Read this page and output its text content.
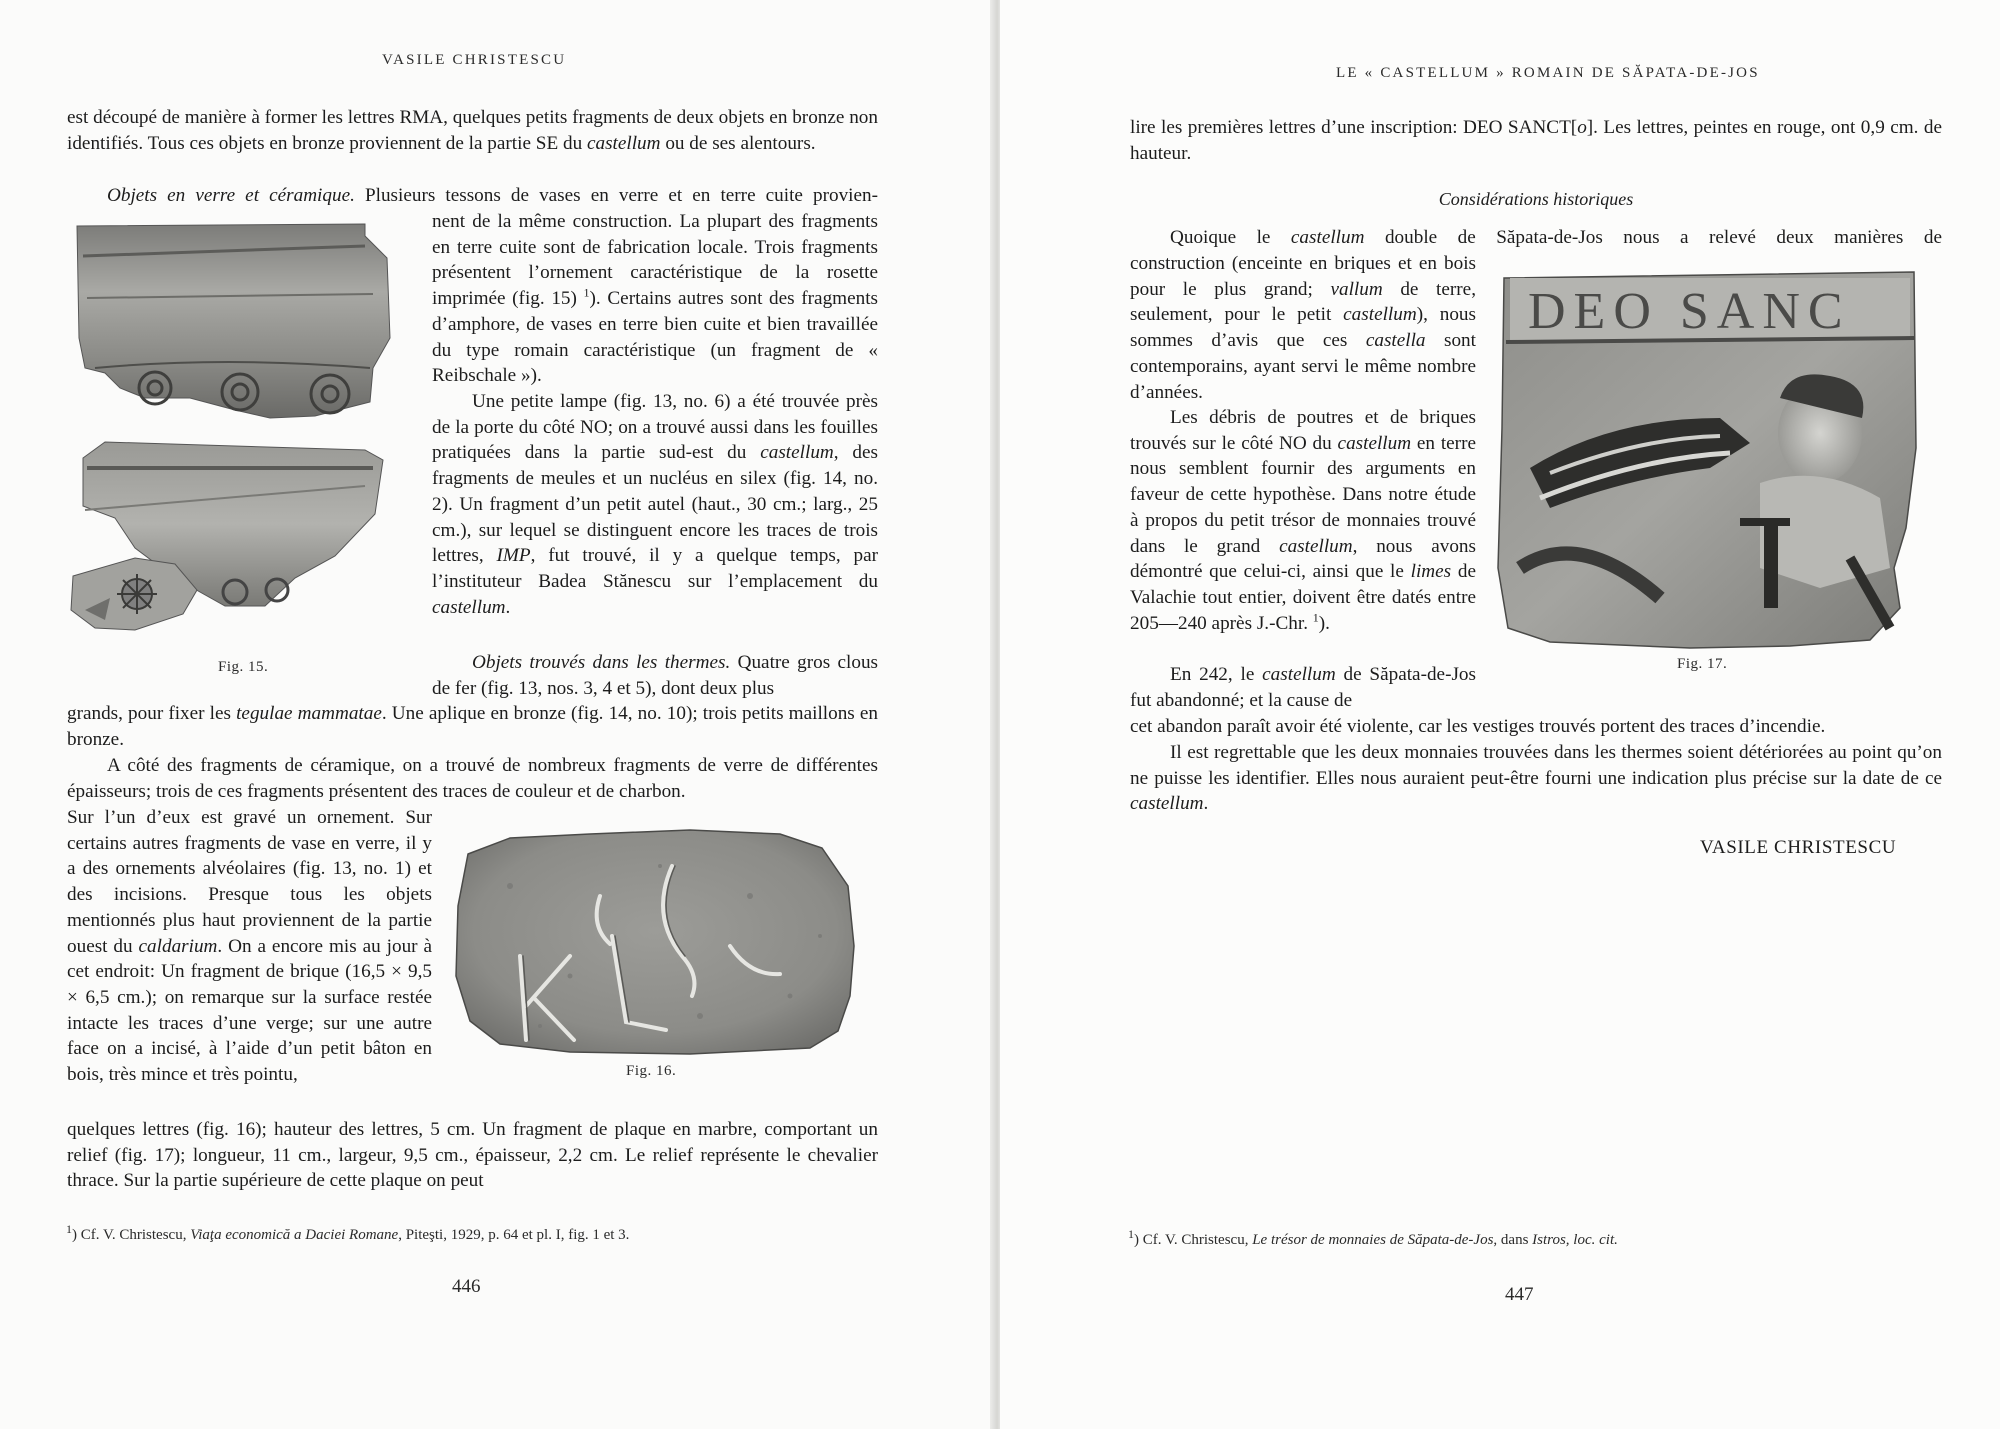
VASILE CHRISTESCU

est découpé de manière à former les lettres RMA, quelques petits fragments de deux objets en bronze non identifiés. Tous ces objets en bronze proviennent de la partie SE du castellum ou de ses alentours.

Objets en verre et céramique. Plusieurs tessons de vases en verre et en terre cuite provien-

nent de la même construction. La plupart des fragments en terre cuite sont de fabrication locale. Trois fragments présentent l’ornement caractéristique de la rosette imprimée (fig. 15) $^1$). Certains autres sont des fragments d’amphore, de vases en terre bien cuite et bien travaillée du type romain caractéristique (un fragment de « Reibschale »).

Une petite lampe (fig. 13, no. 6) a été trouvée près de la porte du côté NO; on a trouvé aussi dans les fouilles pratiquées dans la partie sud-est du castellum, des fragments de meules et un nucléus en silex (fig. 14, no. 2). Un fragment d’un petit autel (haut., 30 cm.; larg., 25 cm.), sur lequel se distinguent encore les traces de trois lettres, IMP, fut trouvé, il y a quelque temps, par l’instituteur Badea Stănescu sur l’emplacement du castellum.

Objets trouvés dans les thermes. Quatre gros clous de fer (fig. 13, nos. 3, 4 et 5), dont deux plus

grands, pour fixer les tegulae mammatae. Une aplique en bronze (fig. 14, no. 10); trois petits maillons en bronze.

A côté des fragments de céramique, on a trouvé de nombreux fragments de verre de différentes épaisseurs; trois de ces fragments présentent des traces de couleur et de charbon.

Sur l’un d’eux est gravé un ornement. Sur certains autres fragments de vase en verre, il y a des ornements alvéolaires (fig. 13, no. 1) et des incisions. Presque tous les objets mentionnés plus haut proviennent de la partie ouest du caldarium. On a encore mis au jour à cet endroit: Un fragment de brique (16,5 × 9,5 × 6,5 cm.); on remarque sur la surface restée intacte les traces d’une verge; sur une autre face on a incisé, à l’aide d’un petit bâton en bois, très mince et très pointu,

quelques lettres (fig. 16); hauteur des lettres, 5 cm. Un fragment de plaque en marbre, comportant un relief (fig. 17); longueur, 11 cm., largeur, 9,5 cm., épaisseur, 2,2 cm. Le relief représente le chevalier thrace. Sur la partie supérieure de cette plaque on peut

$^1$) Cf. V. Christescu, Viaţa economică a Daciei Romane, Piteşti, 1929, p. 64 et pl. I, fig. 1 et 3.
446
Fig. 15.
Fig. 16.
LE « CASTELLUM » ROMAIN DE SĂPATA-DE-JOS

lire les premières lettres d’une inscription: DEO SANCT[o]. Les lettres, peintes en rouge, ont 0,9 cm. de hauteur.

Considérations historiques

Quoique le castellum double de Săpata-de-Jos nous a relevé deux manières de

construction (enceinte en briques et en bois pour le plus grand; vallum de terre, seulement, pour le petit castellum), nous sommes d’avis que ces castella sont contemporains, ayant servi le même nombre d’années.

Les débris de poutres et de briques trouvés sur le côté NO du castellum en terre nous semblent fournir des arguments en faveur de cette hypothèse. Dans notre étude à propos du petit trésor de monnaies trouvé dans le grand castellum, nous avons démontré que celui-ci, ainsi que le limes de Valachie tout entier, doivent être datés entre 205—240 après J.-Chr. $^1$).

En 242, le castellum de Săpata-de-Jos fut abandonné; et la cause de

cet abandon paraît avoir été violente, car les vestiges trouvés portent des traces d’incendie.

Il est regrettable que les deux monnaies trouvées dans les thermes soient détériorées au point qu’on ne puisse les identifier. Elles nous auraient peut-être fourni une indication plus précise sur la date de ce castellum.

VASILE CHRISTESCU
$^1$) Cf. V. Christescu, Le trésor de monnaies de Săpata-de-Jos, dans Istros, loc. cit.
447
DEO SANC
Fig. 17.
